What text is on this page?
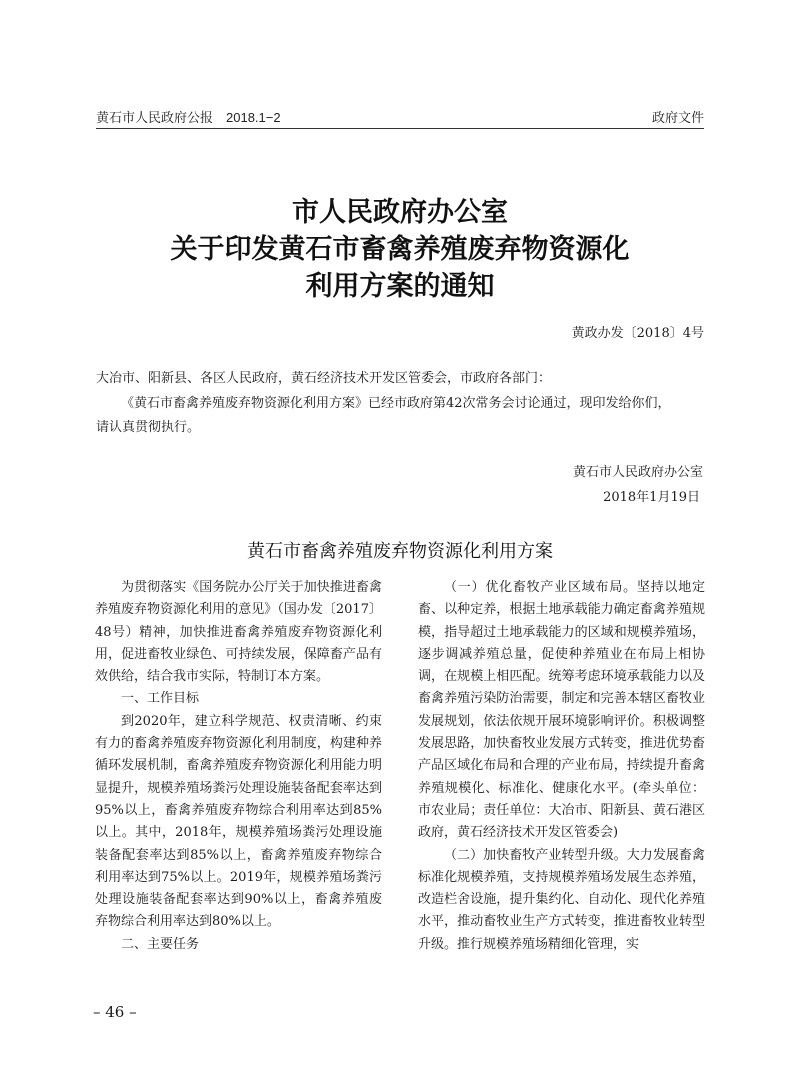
黄石市人民政府公报　2018.1−2	政府文件
市人民政府办公室
关于印发黄石市畜禽养殖废弃物资源化
利用方案的通知
黄政办发〔2018〕4号
大冶市、阳新县、各区人民政府，黄石经济技术开发区管委会，市政府各部门：
《黄石市畜禽养殖废弃物资源化利用方案》已经市政府第42次常务会讨论通过，现印发给你们，
请认真贯彻执行。
黄石市人民政府办公室
2018年1月19日
黄石市畜禽养殖废弃物资源化利用方案

为贯彻落实《国务院办公厅关于加快推进畜禽养殖废弃物资源化利用的意见》（国办发〔2017〕48号）精神，加快推进畜禽养殖废弃物资源化利用，促进畜牧业绿色、可持续发展，保障畜产品有效供给，结合我市实际，特制订本方案。

一、工作目标

到2020年，建立科学规范、权责清晰、约束有力的畜禽养殖废弃物资源化利用制度，构建种养循环发展机制，畜禽养殖废弃物资源化利用能力明显提升，规模养殖场粪污处理设施装备配套率达到95%以上，畜禽养殖废弃物综合利用率达到85%以上。其中，2018年，规模养殖场粪污处理设施装备配套率达到85%以上，畜禽养殖废弃物综合利用率达到75%以上。2019年，规模养殖场粪污处理设施装备配套率达到90%以上，畜禽养殖废弃物综合利用率达到80%以上。

二、主要任务

（一）优化畜牧产业区域布局。坚持以地定畜、以种定养，根据土地承载能力确定畜禽养殖规模，指导超过土地承载能力的区域和规模养殖场，逐步调减养殖总量，促使种养殖业在布局上相协调，在规模上相匹配。统筹考虑环境承载能力以及畜禽养殖污染防治需要，制定和完善本辖区畜牧业发展规划，依法依规开展环境影响评价。积极调整发展思路，加快畜牧业发展方式转变，推进优势畜产品区域化布局和合理的产业布局，持续提升畜禽养殖规模化、标准化、健康化水平。(牵头单位：市农业局；责任单位：大冶市、阳新县、黄石港区政府，黄石经济技术开发区管委会)

（二）加快畜牧产业转型升级。大力发展畜禽标准化规模养殖，支持规模养殖场发展生态养殖，改造栏舍设施，提升集约化、自动化、现代化养殖水平，推动畜牧业生产方式转变，推进畜牧业转型升级。推行规模养殖场精细化管理，实

– 46 –
